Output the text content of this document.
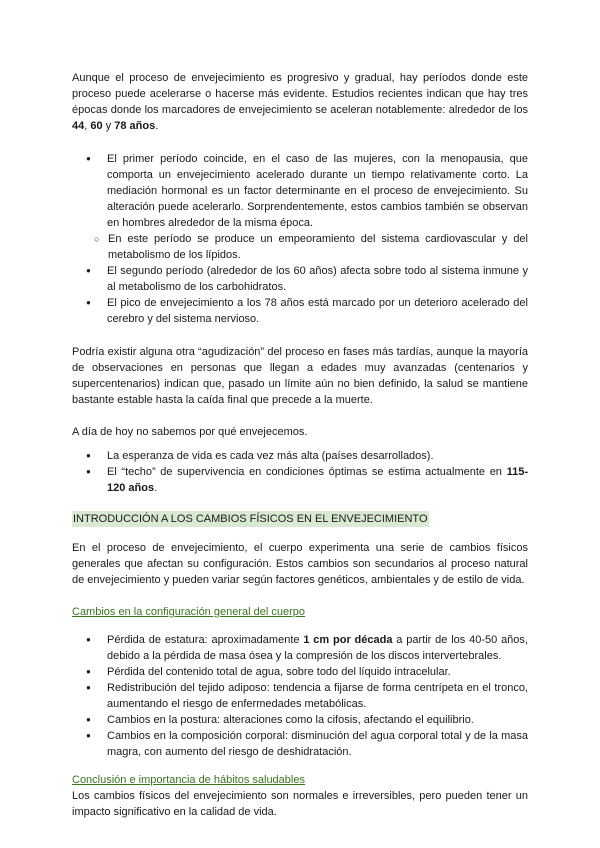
Aunque el proceso de envejecimiento es progresivo y gradual, hay períodos donde este proceso puede acelerarse o hacerse más evidente. Estudios recientes indican que hay tres épocas donde los marcadores de envejecimiento se aceleran notablemente: alrededor de los 44, 60 y 78 años.

● El primer período coincide, en el caso de las mujeres, con la menopausia, que comporta un envejecimiento acelerado durante un tiempo relativamente corto. La mediación hormonal es un factor determinante en el proceso de envejecimiento. Su alteración puede acelerarlo. Sorprendentemente, estos cambios también se observan en hombres alrededor de la misma época.
○ En este período se produce un empeoramiento del sistema cardiovascular y del metabolismo de los lípidos.
● El segundo período (alrededor de los 60 años) afecta sobre todo al sistema inmune y al metabolismo de los carbohidratos.
● El pico de envejecimiento a los 78 años está marcado por un deterioro acelerado del cerebro y del sistema nervioso.

Podría existir alguna otra “agudización” del proceso en fases más tardías, aunque la mayoría de observaciones en personas que llegan a edades muy avanzadas (centenarios y supercentenarios) indican que, pasado un límite aún no bien definido, la salud se mantiene bastante estable hasta la caída final que precede a la muerte.

A día de hoy no sabemos por qué envejecemos.

● La esperanza de vida es cada vez más alta (países desarrollados).
● El “techo” de supervivencia en condiciones óptimas se estima actualmente en 115-120 años.
INTRODUCCIÓN A LOS CAMBIOS FÍSICOS EN EL ENVEJECIMIENTO

En el proceso de envejecimiento, el cuerpo experimenta una serie de cambios físicos generales que afectan su configuración. Estos cambios son secundarios al proceso natural de envejecimiento y pueden variar según factores genéticos, ambientales y de estilo de vida.

Cambios en la configuración general del cuerpo
● Pérdida de estatura: aproximadamente 1 cm por década a partir de los 40-50 años, debido a la pérdida de masa ósea y la compresión de los discos intervertebrales.
● Pérdida del contenido total de agua, sobre todo del líquido intracelular.
● Redistribución del tejido adiposo: tendencia a fijarse de forma centrípeta en el tronco, aumentando el riesgo de enfermedades metabólicas.
● Cambios en la postura: alteraciones como la cifosis, afectando el equilibrio.
● Cambios en la composición corporal: disminución del agua corporal total y de la masa magra, con aumento del riesgo de deshidratación.
Conclusión e importancia de hábitos saludables

Los cambios físicos del envejecimiento son normales e irreversibles, pero pueden tener un impacto significativo en la calidad de vida.
